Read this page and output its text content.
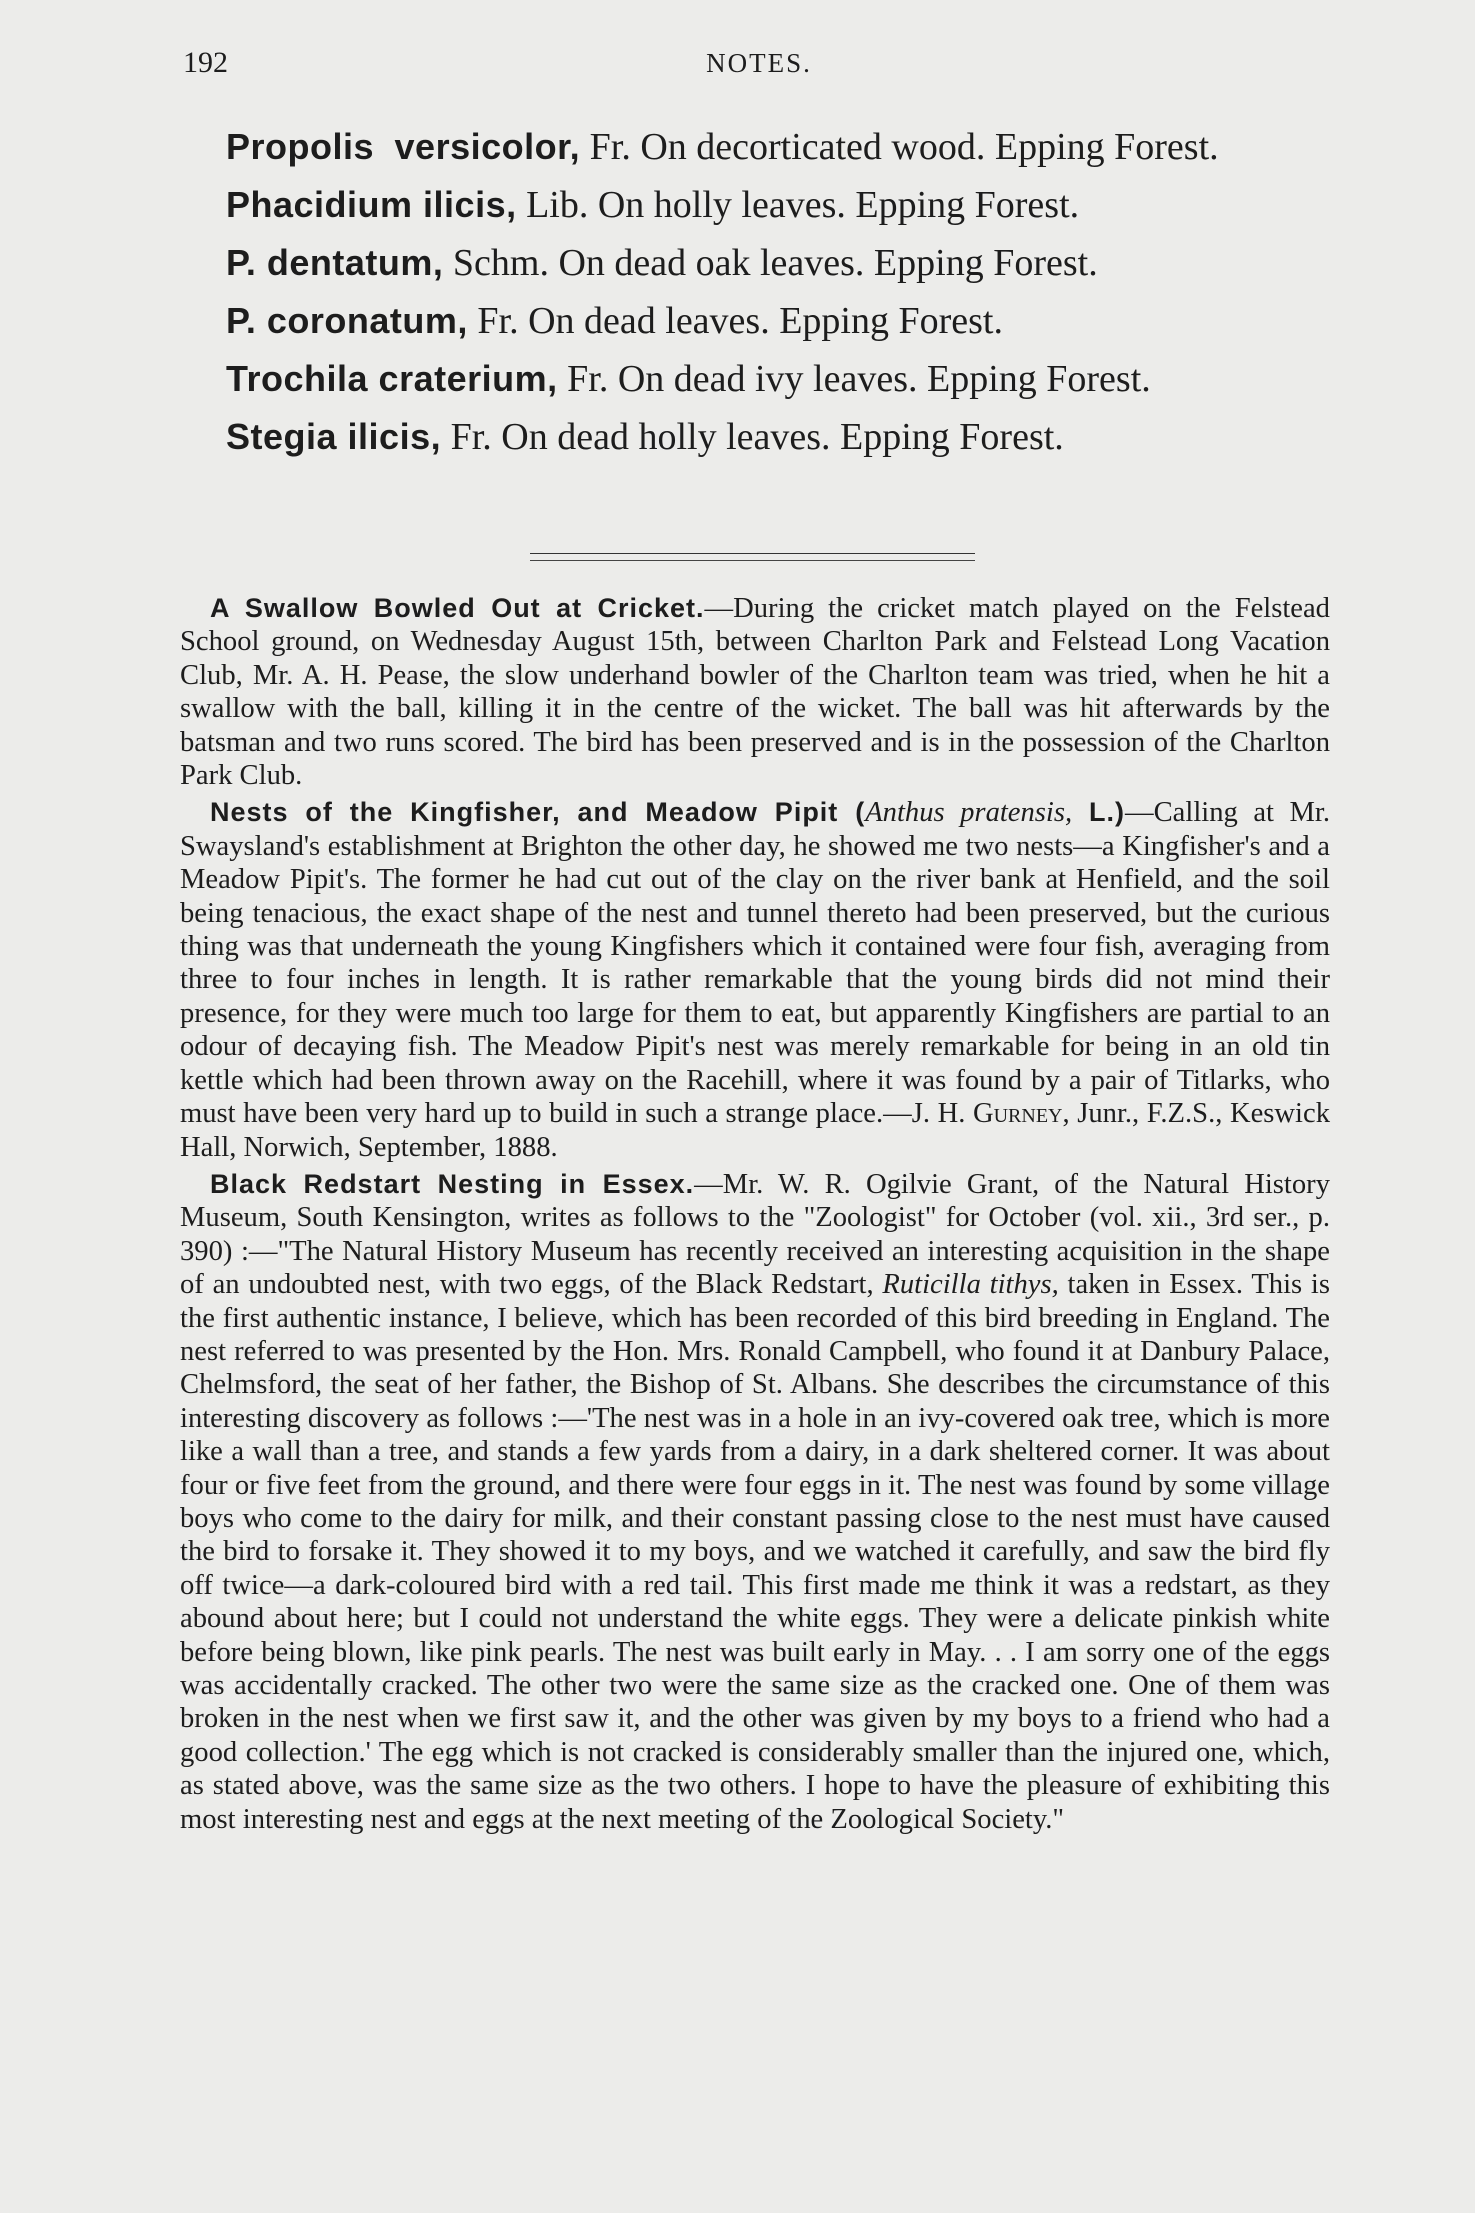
192	NOTES.
Propolis versicolor, Fr. On decorticated wood. Epping Forest.
Phacidium ilicis, Lib. On holly leaves. Epping Forest.
P. dentatum, Schm. On dead oak leaves. Epping Forest.
P. coronatum, Fr. On dead leaves. Epping Forest.
Trochila craterium, Fr. On dead ivy leaves. Epping Forest.
Stegia ilicis, Fr. On dead holly leaves. Epping Forest.

A Swallow Bowled Out at Cricket.—During the cricket match played on the Felstead School ground, on Wednesday August 15th, between Charlton Park and Felstead Long Vacation Club, Mr. A. H. Pease, the slow underhand bowler of the Charlton team was tried, when he hit a swallow with the ball, killing it in the centre of the wicket. The ball was hit afterwards by the batsman and two runs scored. The bird has been preserved and is in the possession of the Charlton Park Club.

Nests of the Kingfisher, and Meadow Pipit (Anthus pratensis, L.)—Calling at Mr. Swaysland's establishment at Brighton the other day, he showed me two nests—a Kingfisher's and a Meadow Pipit's. The former he had cut out of the clay on the river bank at Henfield, and the soil being tenacious, the exact shape of the nest and tunnel thereto had been preserved, but the curious thing was that underneath the young Kingfishers which it contained were four fish, averaging from three to four inches in length. It is rather remarkable that the young birds did not mind their presence, for they were much too large for them to eat, but apparently Kingfishers are partial to an odour of decaying fish. The Meadow Pipit's nest was merely remarkable for being in an old tin kettle which had been thrown away on the Racehill, where it was found by a pair of Titlarks, who must have been very hard up to build in such a strange place.—J. H. Gurney, Junr., F.Z.S., Keswick Hall, Norwich, September, 1888.

Black Redstart Nesting in Essex.—Mr. W. R. Ogilvie Grant, of the Natural History Museum, South Kensington, writes as follows to the "Zoologist" for October (vol. xii., 3rd ser., p. 390) :—"The Natural History Museum has recently received an interesting acquisition in the shape of an undoubted nest, with two eggs, of the Black Redstart, Ruticilla tithys, taken in Essex. This is the first authentic instance, I believe, which has been recorded of this bird breeding in England. The nest referred to was presented by the Hon. Mrs. Ronald Campbell, who found it at Danbury Palace, Chelmsford, the seat of her father, the Bishop of St. Albans. She describes the circumstance of this interesting discovery as follows :—'The nest was in a hole in an ivy-covered oak tree, which is more like a wall than a tree, and stands a few yards from a dairy, in a dark sheltered corner. It was about four or five feet from the ground, and there were four eggs in it. The nest was found by some village boys who come to the dairy for milk, and their constant passing close to the nest must have caused the bird to forsake it. They showed it to my boys, and we watched it carefully, and saw the bird fly off twice—a dark-coloured bird with a red tail. This first made me think it was a redstart, as they abound about here; but I could not understand the white eggs. They were a delicate pinkish white before being blown, like pink pearls. The nest was built early in May. . . I am sorry one of the eggs was accidentally cracked. The other two were the same size as the cracked one. One of them was broken in the nest when we first saw it, and the other was given by my boys to a friend who had a good collection.' The egg which is not cracked is considerably smaller than the injured one, which, as stated above, was the same size as the two others. I hope to have the pleasure of exhibiting this most interesting nest and eggs at the next meeting of the Zoological Society."
